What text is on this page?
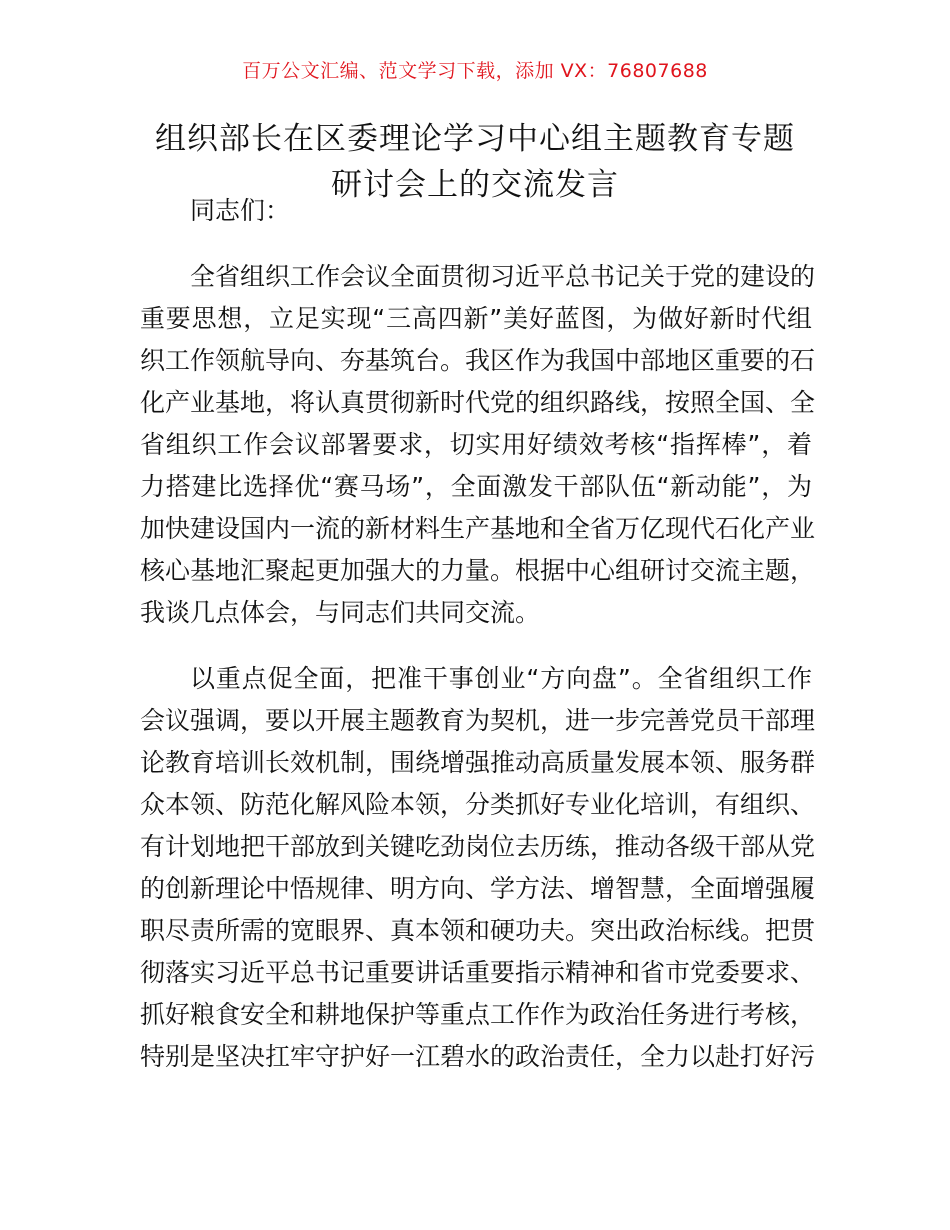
百万公文汇编、范文学习下载，添加 VX：76807688
组织部长在区委理论学习中心组主题教育专题
研讨会上的交流发言
同志们：
全省组织工作会议全面贯彻习近平总书记关于党的建设的
重要思想，立足实现“三高四新”美好蓝图，为做好新时代组
织工作领航导向、夯基筑台。我区作为我国中部地区重要的石
化产业基地，将认真贯彻新时代党的组织路线，按照全国、全
省组织工作会议部署要求，切实用好绩效考核“指挥棒”，着
力搭建比选择优“赛马场”，全面激发干部队伍“新动能”，为
加快建设国内一流的新材料生产基地和全省万亿现代石化产业
核心基地汇聚起更加强大的力量。根据中心组研讨交流主题，
我谈几点体会，与同志们共同交流。
以重点促全面，把准干事创业“方向盘”。全省组织工作
会议强调，要以开展主题教育为契机，进一步完善党员干部理
论教育培训长效机制，围绕增强推动高质量发展本领、服务群
众本领、防范化解风险本领，分类抓好专业化培训，有组织、
有计划地把干部放到关键吃劲岗位去历练，推动各级干部从党
的创新理论中悟规律、明方向、学方法、增智慧，全面增强履
职尽责所需的宽眼界、真本领和硬功夫。突出政治标线。把贯
彻落实习近平总书记重要讲话重要指示精神和省市党委要求、
抓好粮食安全和耕地保护等重点工作作为政治任务进行考核，
特别是坚决扛牢守护好一江碧水的政治责任，全力以赴打好污
